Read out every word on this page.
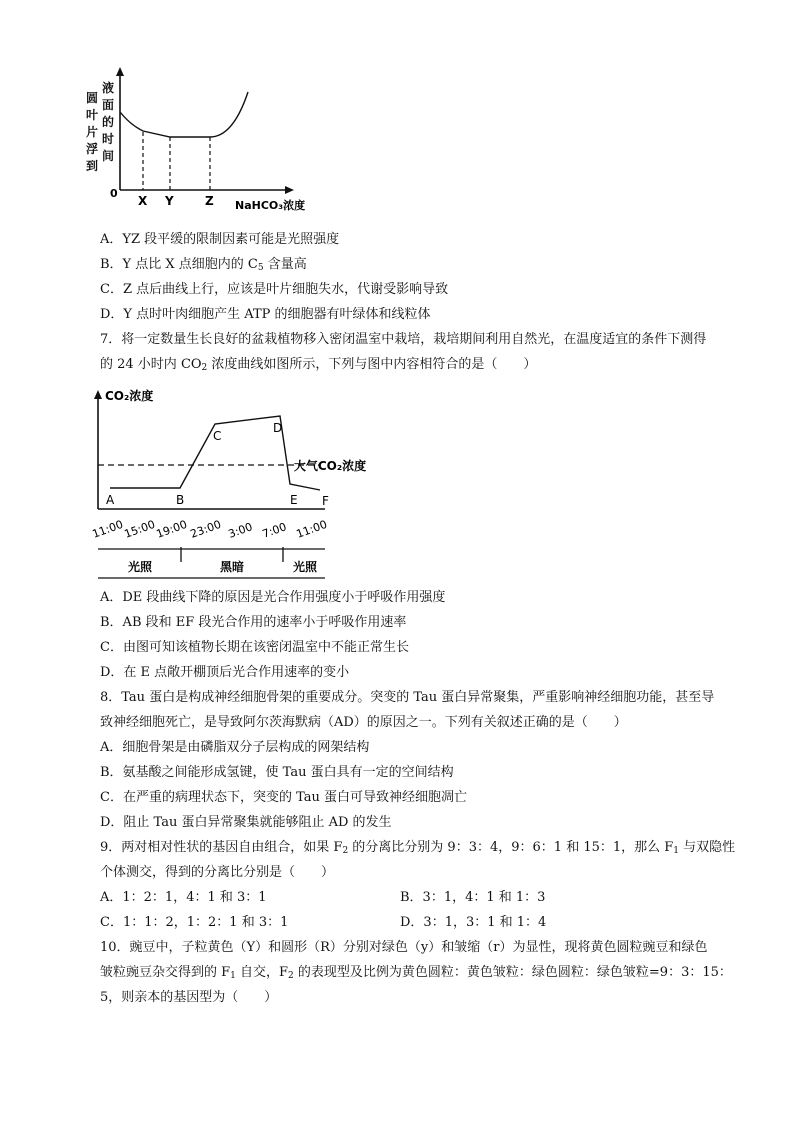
X Y	Z
0
NaHCO₃浓度
圆叶片浮到
液面的时间
A．YZ 段平缓的限制因素可能是光照强度
B．Y 点比 X 点细胞内的 $C_5$ 含量高
C．Z 点后曲线上行，应该是叶片细胞失水，代谢受影响导致
D．Y 点时叶肉细胞产生 ATP 的细胞器有叶绿体和线粒体
7．将一定数量生长良好的盆栽植物移入密闭温室中栽培，栽培期间利用自然光，在温度适宜的条件下测得
的 24 小时内 $CO_2$ 浓度曲线如图所示，下列与图中内容相符合的是（　　）
CO₂浓度
大气CO₂浓度
A	B
C
D
E F
11:00
15:00
19:00 23:00 3:00 7:00 11:00
光照	黑暗	光照
A．DE 段曲线下降的原因是光合作用强度小于呼吸作用强度
B．AB 段和 EF 段光合作用的速率小于呼吸作用速率
C．由图可知该植物长期在该密闭温室中不能正常生长
D．在 E 点敞开棚顶后光合作用速率的变小
8．Tau 蛋白是构成神经细胞骨架的重要成分。突变的 Tau 蛋白异常聚集，严重影响神经细胞功能，甚至导
致神经细胞死亡，是导致阿尔茨海默病（AD）的原因之一。下列有关叙述正确的是（　　）
A．细胞骨架是由磷脂双分子层构成的网架结构
B．氨基酸之间能形成氢键，使 Tau 蛋白具有一定的空间结构
C．在严重的病理状态下，突变的 Tau 蛋白可导致神经细胞凋亡
D．阻止 Tau 蛋白异常聚集就能够阻止 AD 的发生
9．两对相对性状的基因自由组合，如果 $F_2$ 的分离比分别为 9：3：4，9：6：1 和 15：1，那么 $F_1$ 与双隐性
个体测交，得到的分离比分别是（　　）
A．1：2：1，4：1 和 3：1	B．3：1，4：1 和 1：3
C．1：1：2，1：2：1 和 3：1	D．3：1，3：1 和 1：4
10．豌豆中，子粒黄色（Y）和圆形（R）分别对绿色（y）和皱缩（r）为显性，现将黄色圆粒豌豆和绿色
皱粒豌豆杂交得到的 $F_1$ 自交，$F_2$ 的表现型及比例为黄色圆粒：黄色皱粒：绿色圆粒：绿色皱粒=9：3：15：
5，则亲本的基因型为（　　）
